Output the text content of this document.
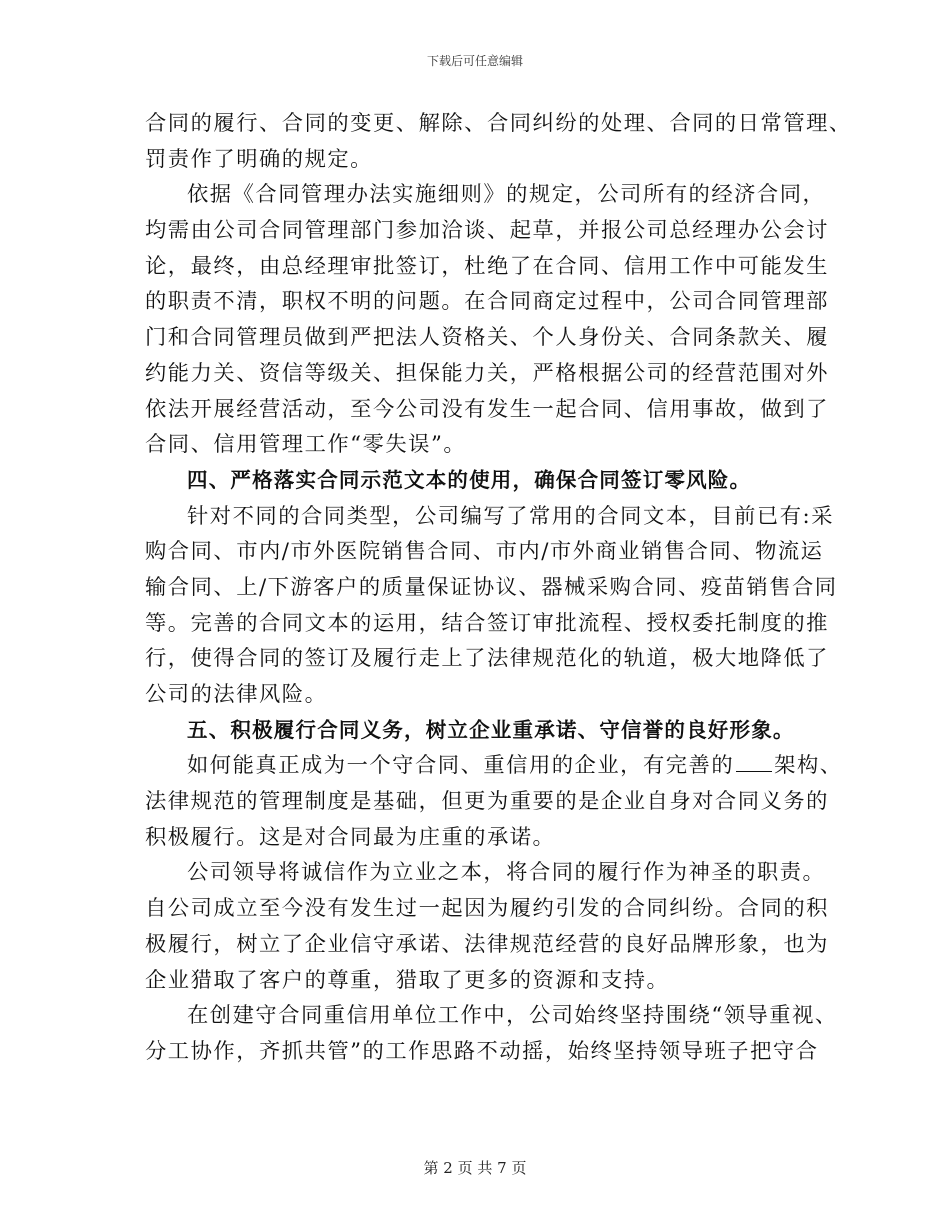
下载后可任意编辑
合同的履行、合同的变更、解除、合同纠纷的处理、合同的日常管理、
罚责作了明确的规定。
依据《合同管理办法实施细则》的规定，公司所有的经济合同，
均需由公司合同管理部门参加洽谈、起草，并报公司总经理办公会讨
论，最终，由总经理审批签订，杜绝了在合同、信用工作中可能发生
的职责不清，职权不明的问题。在合同商定过程中，公司合同管理部
门和合同管理员做到严把法人资格关、个人身份关、合同条款关、履
约能力关、资信等级关、担保能力关，严格根据公司的经营范围对外
依法开展经营活动，至今公司没有发生一起合同、信用事故，做到了
合同、信用管理工作“零失误”。
四、严格落实合同示范文本的使用，确保合同签订零风险。
针对不同的合同类型，公司编写了常用的合同文本，目前已有:采
购合同、市内/市外医院销售合同、市内/市外商业销售合同、物流运
输合同、上/下游客户的质量保证协议、器械采购合同、疫苗销售合同
等。完善的合同文本的运用，结合签订审批流程、授权委托制度的推
行，使得合同的签订及履行走上了法律规范化的轨道，极大地降低了
公司的法律风险。
五、积极履行合同义务，树立企业重承诺、守信誉的良好形象。
如何能真正成为一个守合同、重信用的企业，有完善的 架构、
法律规范的管理制度是基础，但更为重要的是企业自身对合同义务的
积极履行。这是对合同最为庄重的承诺。
公司领导将诚信作为立业之本，将合同的履行作为神圣的职责。
自公司成立至今没有发生过一起因为履约引发的合同纠纷。合同的积
极履行，树立了企业信守承诺、法律规范经营的良好品牌形象，也为
企业猎取了客户的尊重，猎取了更多的资源和支持。
在创建守合同重信用单位工作中，公司始终坚持围绕“领导重视、
分工协作，齐抓共管”的工作思路不动摇，始终坚持领导班子把守合
第 2 页 共 7 页
